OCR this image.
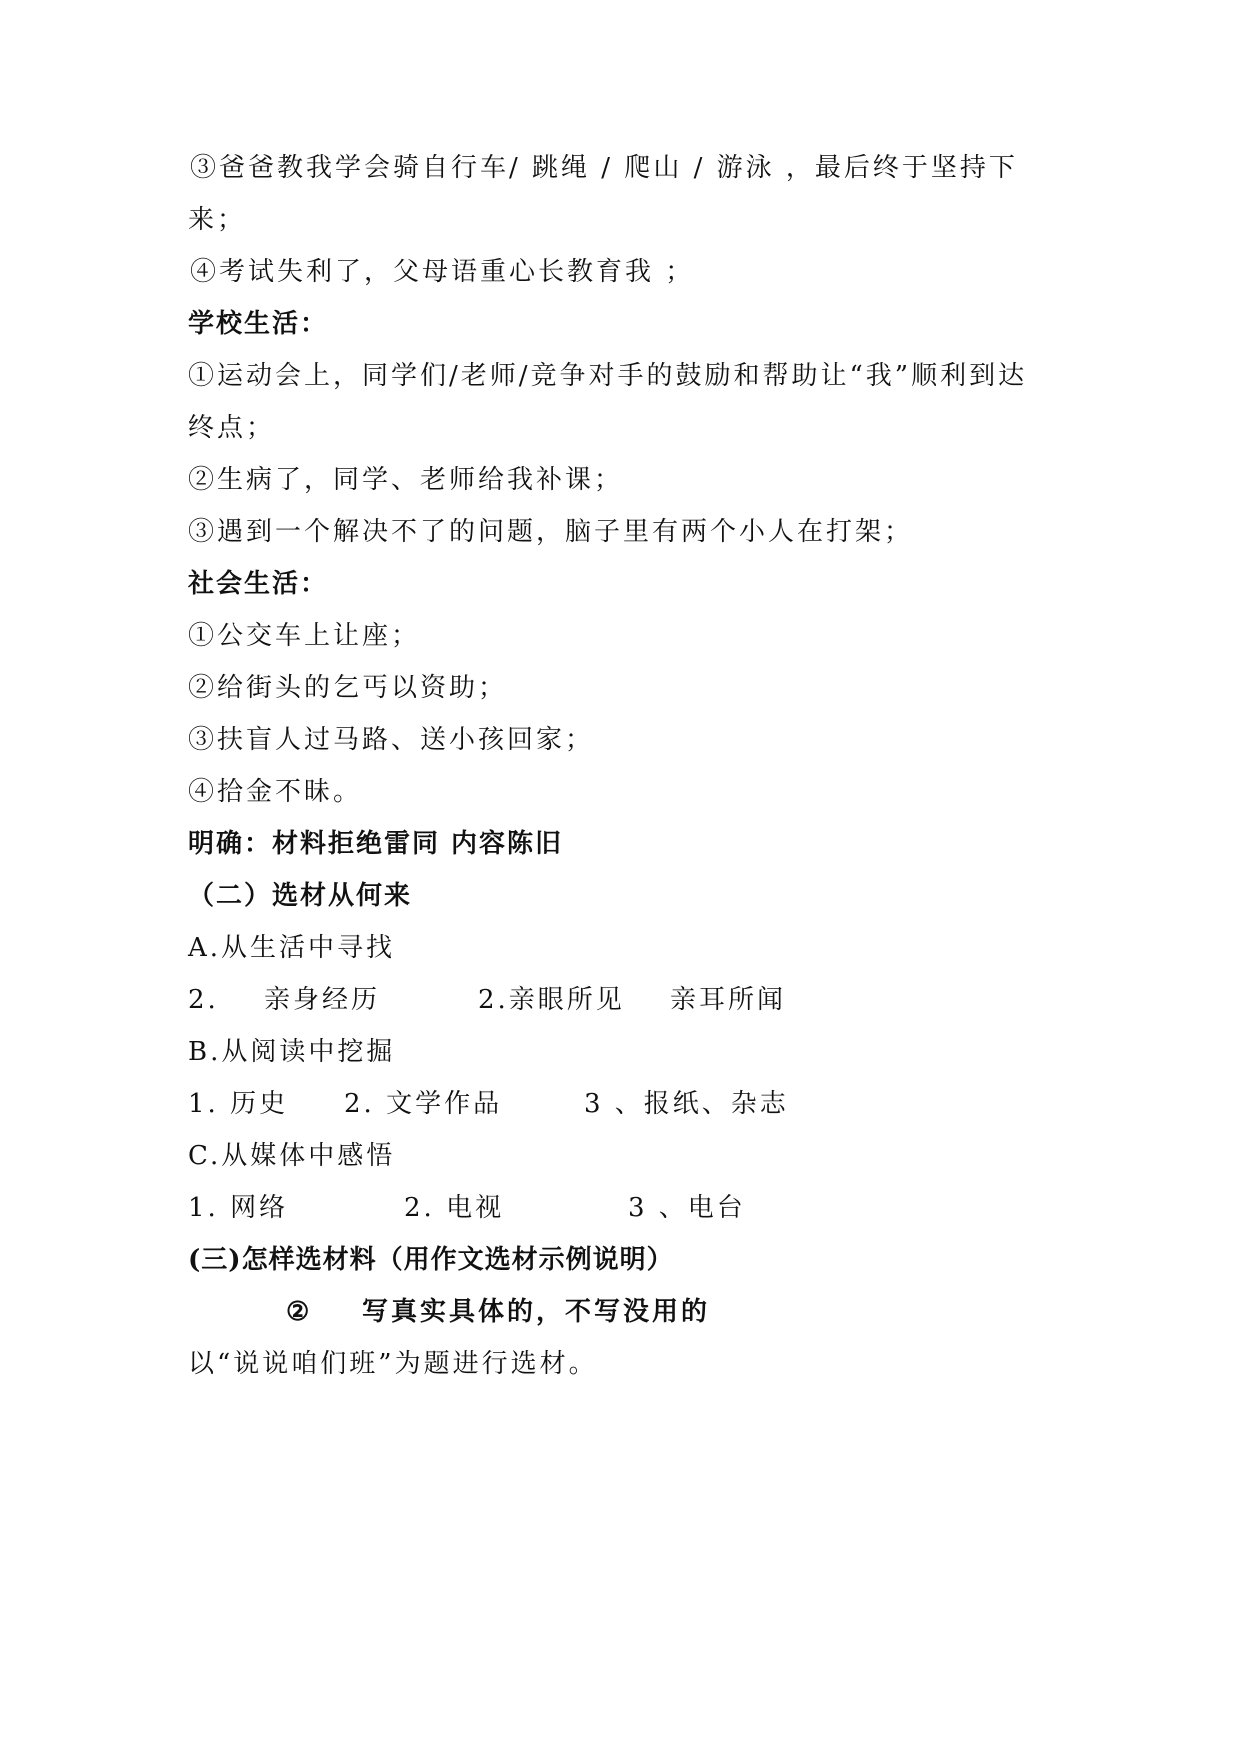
③爸爸教我学会骑自行车/ 跳绳 / 爬山 / 游泳 ，最后终于坚持下
来；
④考试失利了，父母语重心长教育我 ；
学校生活：
①运动会上，同学们/老师/竞争对手的鼓励和帮助让“我”顺利到达
终点；
②生病了，同学、老师给我补课；
③遇到一个解决不了的问题，脑子里有两个小人在打架；
社会生活：
①公交车上让座；
②给街头的乞丐以资助；
③扶盲人过马路、送小孩回家；
④拾金不昧。
明确：材料拒绝雷同 内容陈旧
（二）选材从何来
A.从生活中寻找
2. 亲身经历	2.亲眼所见 亲耳所闻
B.从阅读中挖掘
1. 历史 2. 文学作品	3 、报纸、杂志
C.从媒体中感悟
1. 网络	2. 电视	3 、电台
(三)怎样选材料（用作文选材示例说明）
② 写真实具体的，不写没用的
以“说说咱们班”为题进行选材。
